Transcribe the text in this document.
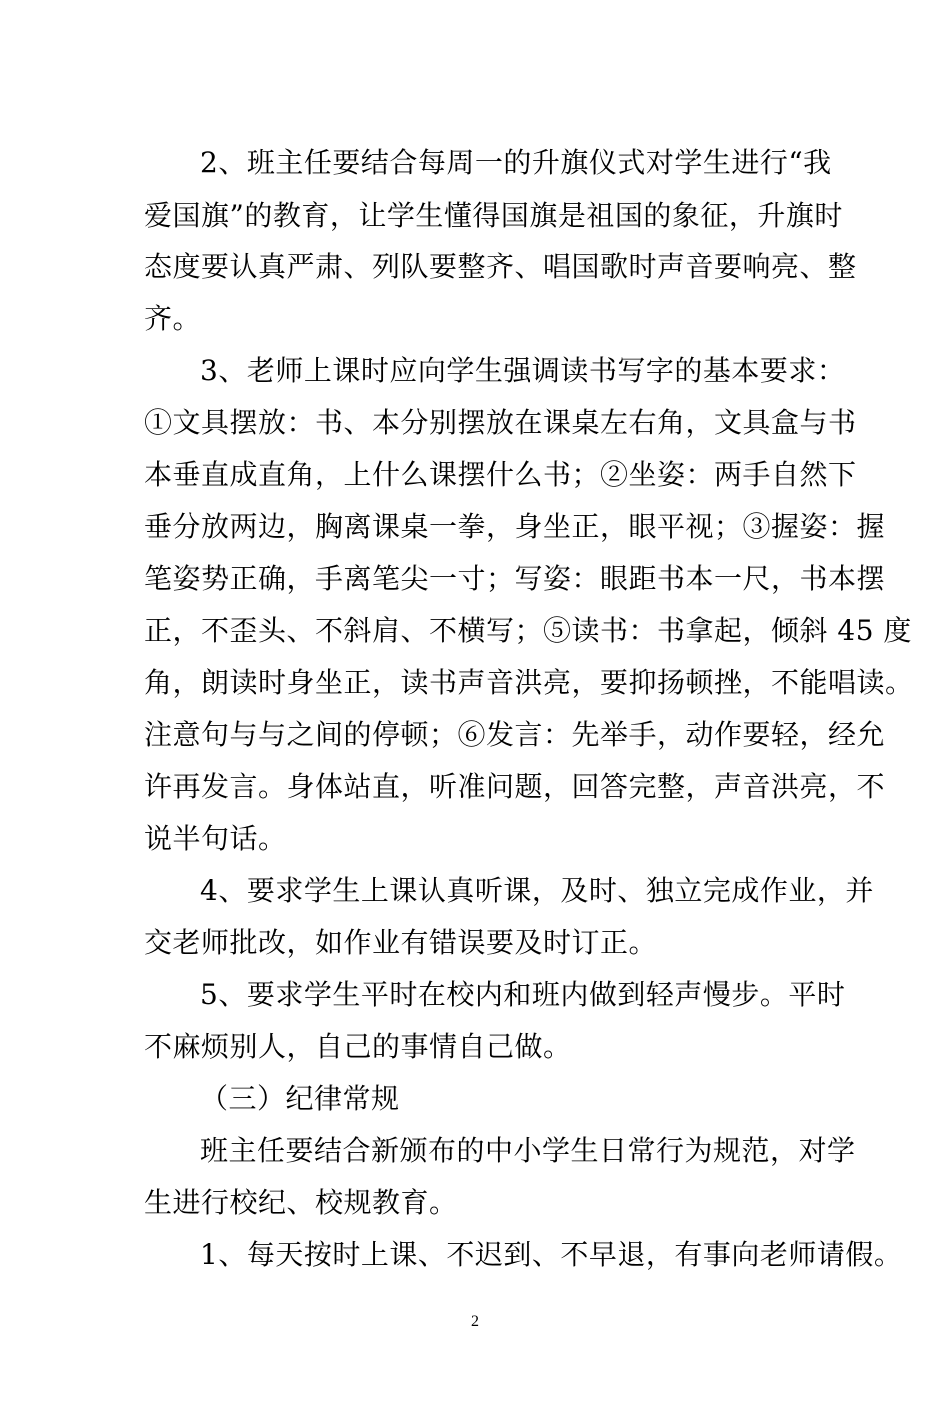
2、班主任要结合每周一的升旗仪式对学生进行“我
爱国旗”的教育，让学生懂得国旗是祖国的象征，升旗时
态度要认真严肃、列队要整齐、唱国歌时声音要响亮、整
齐。
3、老师上课时应向学生强调读书写字的基本要求：
①文具摆放：书、本分别摆放在课桌左右角，文具盒与书
本垂直成直角，上什么课摆什么书；②坐姿：两手自然下
垂分放两边，胸离课桌一拳，身坐正，眼平视；③握姿：握
笔姿势正确，手离笔尖一寸；写姿：眼距书本一尺，书本摆
正，不歪头、不斜肩、不横写；⑤读书：书拿起，倾斜 45 度
角，朗读时身坐正，读书声音洪亮，要抑扬顿挫，不能唱读。
注意句与与之间的停顿；⑥发言：先举手，动作要轻，经允
许再发言。身体站直，听准问题，回答完整，声音洪亮，不
说半句话。
4、要求学生上课认真听课，及时、独立完成作业，并
交老师批改，如作业有错误要及时订正。
5、要求学生平时在校内和班内做到轻声慢步。平时
不麻烦别人，自己的事情自己做。
（三）纪律常规
班主任要结合新颁布的中小学生日常行为规范，对学
生进行校纪、校规教育。
1、每天按时上课、不迟到、不早退，有事向老师请假。
2
